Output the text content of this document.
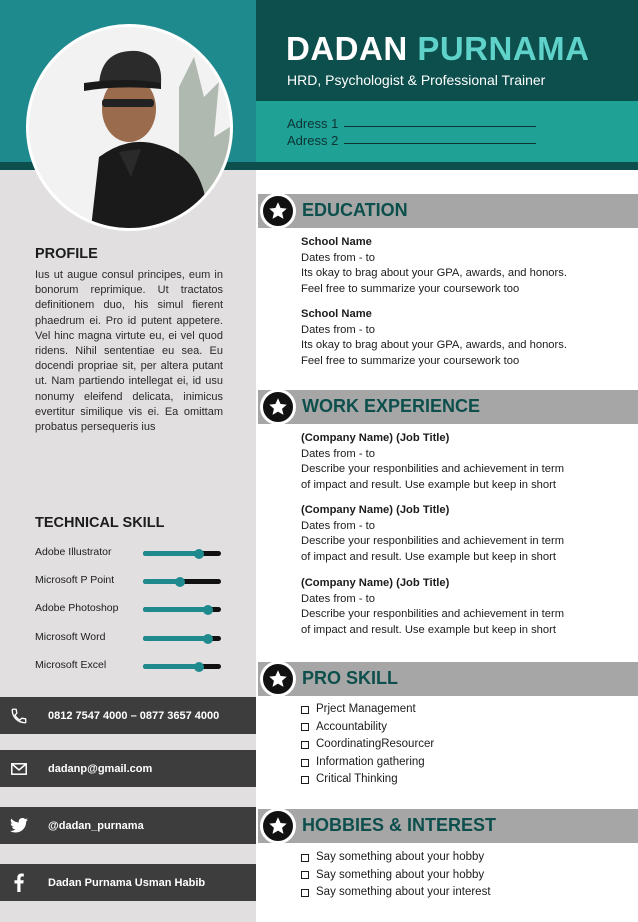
DADAN PURNAMA
HRD, Psychologist & Professional Trainer
Adress 1
Adress 2
PROFILE
Ius ut augue consul principes, eum in bonorum reprimique. Ut tractatos definitionem duo, his simul fierent phaedrum ei. Pro id putent appetere. Vel hinc magna virtute eu, ei vel quod ridens. Nihil sententiae eu sea. Eu docendi propriae sit, per altera putant ut. Nam partiendo intellegat ei, id usu nonumy eleifend delicata, inimicus evertitur similique vis ei. Ea omittam probatus persequeris ius
TECHNICAL SKILL
Adobe Illustrator
Microsoft P Point
Adobe Photoshop
Microsoft Word
Microsoft Excel
0812 7547 4000 – 0877 3657 4000
dadanp@gmail.com
@dadan_purnama
Dadan Purnama Usman Habib
EDUCATION
School Name
Dates from - to
Its okay to brag about your GPA, awards, and honors.
Feel free to summarize your coursework too
School Name
Dates from - to
Its okay to brag about your GPA, awards, and honors.
Feel free to summarize your coursework too
WORK EXPERIENCE
(Company Name) (Job Title)
Dates from - to
Describe your responbilities and achievement in term
of impact and result. Use example but keep in short
(Company Name) (Job Title)
Dates from - to
Describe your responbilities and achievement in term
of impact and result. Use example but keep in short
(Company Name) (Job Title)
Dates from - to
Describe your responbilities and achievement in term
of impact and result. Use example but keep in short
PRO SKILL
Prject Management
Accountability
CoordinatingResourcer
Information gathering
Critical Thinking
HOBBIES & INTEREST
Say something about your hobby
Say something about your hobby
Say something about your interest
